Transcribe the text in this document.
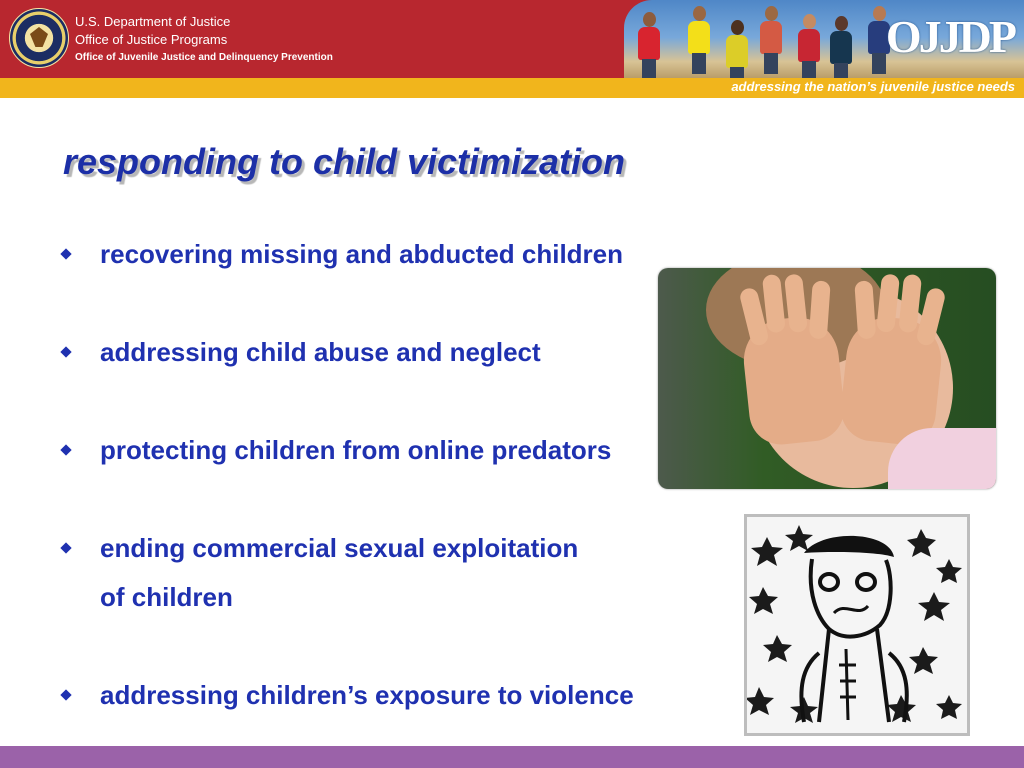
U.S. Department of Justice
Office of Justice Programs
Office of Juvenile Justice and Delinquency Prevention	OJJDP
addressing the nation’s juvenile justice needs
responding to child victimization
recovering missing and abducted children
addressing child abuse and neglect
protecting children from online predators
ending commercial sexual exploitation
of children
addressing children’s exposure to violence
